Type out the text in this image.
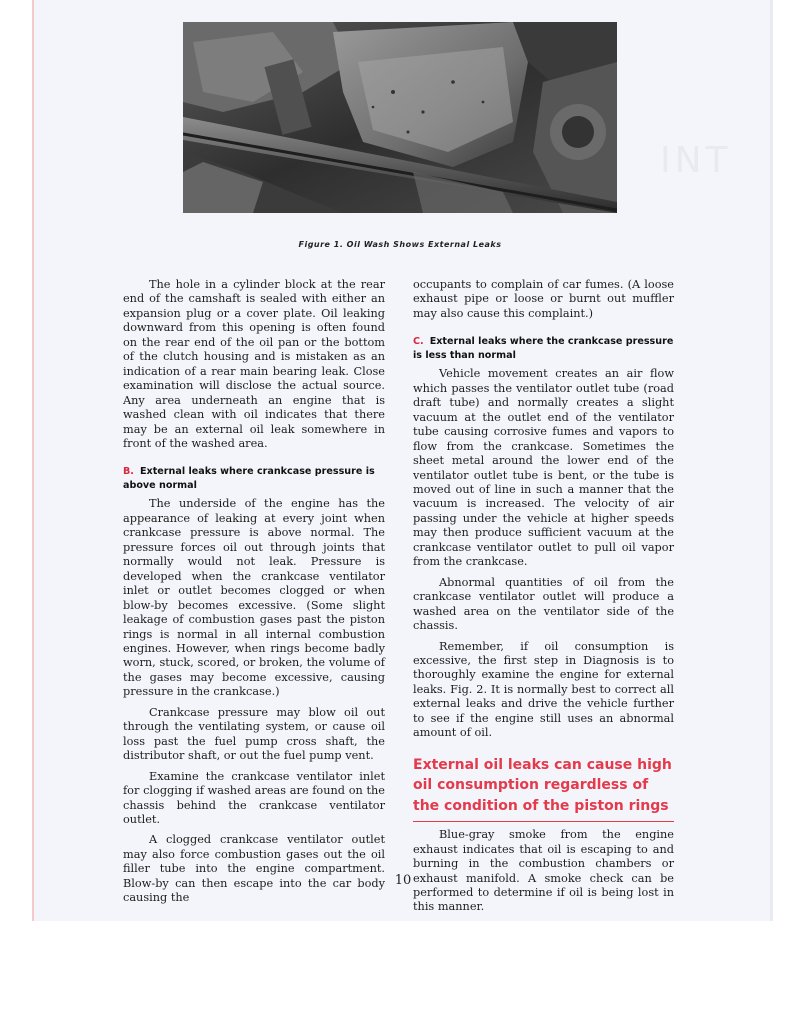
INT
Figure 1. Oil Wash Shows External Leaks

The hole in a cylinder block at the rear end of the camshaft is sealed with either an expansion plug or a cover plate. Oil leaking downward from this opening is often found on the rear end of the oil pan or the bottom of the clutch housing and is mistaken as an indication of a rear main bearing leak. Close examination will disclose the actual source. Any area underneath an engine that is washed clean with oil indicates that there may be an external oil leak somewhere in front of the washed area.

B. External leaks where crankcase pressure is above normal

The underside of the engine has the appearance of leaking at every joint when crankcase pressure is above normal. The pressure forces oil out through joints that normally would not leak. Pressure is developed when the crankcase ventilator inlet or outlet becomes clogged or when blow-by becomes excessive. (Some slight leakage of combustion gases past the piston rings is normal in all internal combustion engines. However, when rings become badly worn, stuck, scored, or broken, the volume of the gases may become excessive, causing pressure in the crankcase.)

Crankcase pressure may blow oil out through the ventilating system, or cause oil loss past the fuel pump cross shaft, the distributor shaft, or out the fuel pump vent.

Examine the crankcase ventilator inlet for clogging if washed areas are found on the chassis behind the crankcase ventilator outlet.

A clogged crankcase ventilator outlet may also force combustion gases out the oil filler tube into the engine compartment. Blow-by can then escape into the car body causing the

occupants to complain of car fumes. (A loose exhaust pipe or loose or burnt out muffler may also cause this complaint.)

C. External leaks where the crankcase pressure is less than normal

Vehicle movement creates an air flow which passes the ventilator outlet tube (road draft tube) and normally creates a slight vacuum at the outlet end of the ventilator tube causing corrosive fumes and vapors to flow from the crankcase. Sometimes the sheet metal around the lower end of the ventilator outlet tube is bent, or the tube is moved out of line in such a manner that the vacuum is increased. The velocity of air passing under the vehicle at higher speeds may then produce sufficient vacuum at the crankcase ventilator outlet to pull oil vapor from the crankcase.

Abnormal quantities of oil from the crankcase ventilator outlet will produce a washed area on the ventilator side of the chassis.

Remember, if oil consumption is excessive, the first step in Diagnosis is to thoroughly examine the engine for external leaks. Fig. 2. It is normally best to correct all external leaks and drive the vehicle further to see if the engine still uses an abnormal amount of oil.

External oil leaks can cause high oil consumption regardless of the condition of the piston rings

Blue-gray smoke from the engine exhaust indicates that oil is escaping to and burning in the combustion chambers or exhaust manifold. A smoke check can be performed to determine if oil is being lost in this manner.

10
